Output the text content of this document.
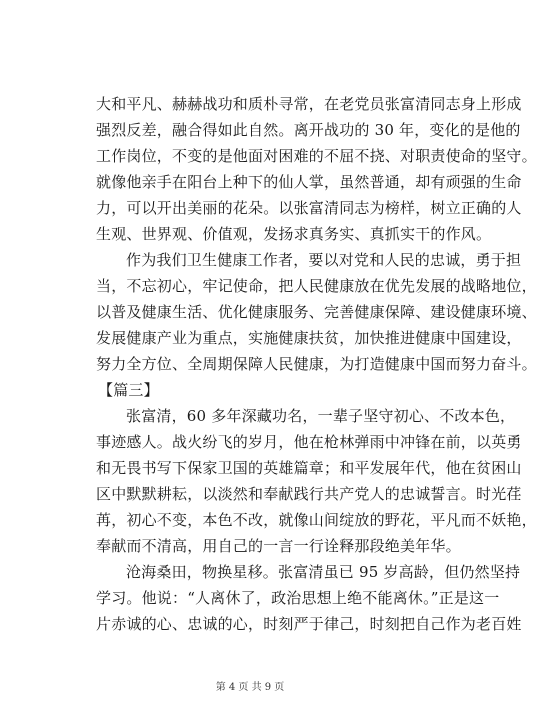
大和平凡、赫赫战功和质朴寻常，在老党员张富清同志身上形成
强烈反差，融合得如此自然。离开战功的 30 年，变化的是他的
工作岗位，不变的是他面对困难的不屈不挠、对职责使命的坚守。
就像他亲手在阳台上种下的仙人掌，虽然普通，却有顽强的生命
力，可以开出美丽的花朵。以张富清同志为榜样，树立正确的人
生观、世界观、价值观，发扬求真务实、真抓实干的作风。
作为我们卫生健康工作者，要以对党和人民的忠诚，勇于担
当，不忘初心，牢记使命，把人民健康放在优先发展的战略地位，
以普及健康生活、优化健康服务、完善健康保障、建设健康环境、
发展健康产业为重点，实施健康扶贫，加快推进健康中国建设，
努力全方位、全周期保障人民健康，为打造健康中国而努力奋斗。
【篇三】
张富清，60 多年深藏功名，一辈子坚守初心、不改本色，
事迹感人。战火纷飞的岁月，他在枪林弹雨中冲锋在前，以英勇
和无畏书写下保家卫国的英雄篇章；和平发展年代，他在贫困山
区中默默耕耘，以淡然和奉献践行共产党人的忠诚誓言。时光荏
苒，初心不变，本色不改，就像山间绽放的野花，平凡而不妖艳，
奉献而不清高，用自己的一言一行诠释那段绝美年华。
沧海桑田，物换星移。张富清虽已 95 岁高龄，但仍然坚持
学习。他说：“人离休了，政治思想上绝不能离休。”正是这一
片赤诚的心、忠诚的心，时刻严于律己，时刻把自己作为老百姓
第 4 页 共 9 页
